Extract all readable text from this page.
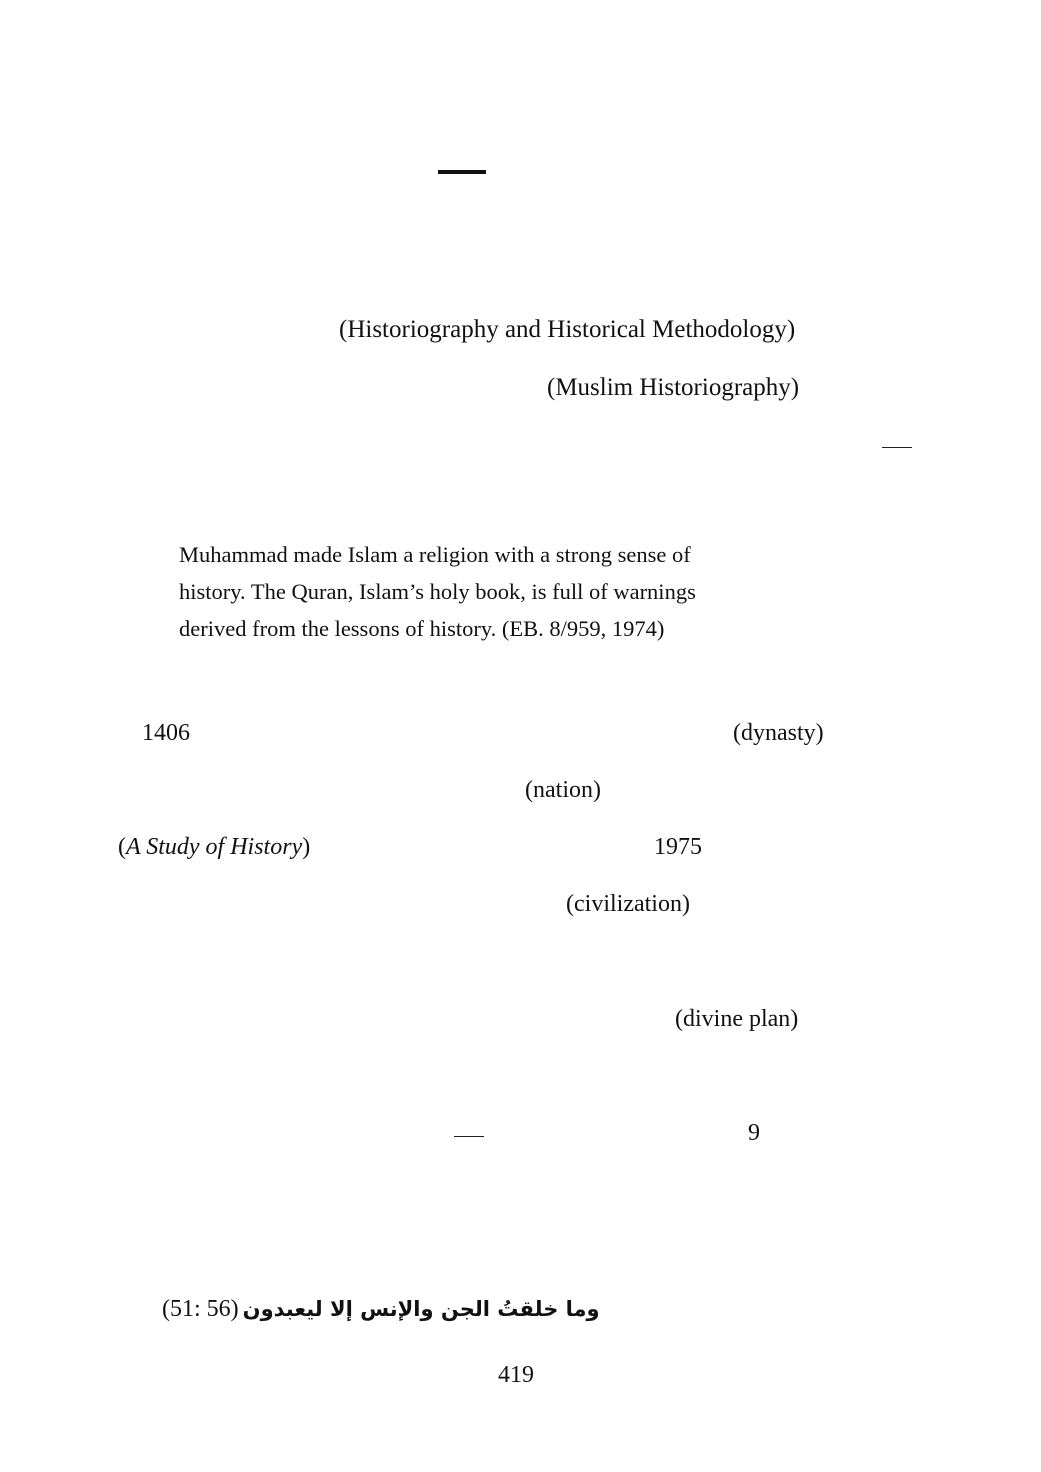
(Historiography and Historical Methodology)
(Muslim Historiography)
Muhammad made Islam a religion with a strong sense of
history. The Quran, Islam’s holy book, is full of warnings
derived from the lessons of history. (EB. 8/959, 1974)
1406	(dynasty)
(nation)
(A Study of History)	1975
(civilization)
(divine plan)
9
(51: 56) وما خلقتُ الجن والإنس إلا ليعبدون
419
